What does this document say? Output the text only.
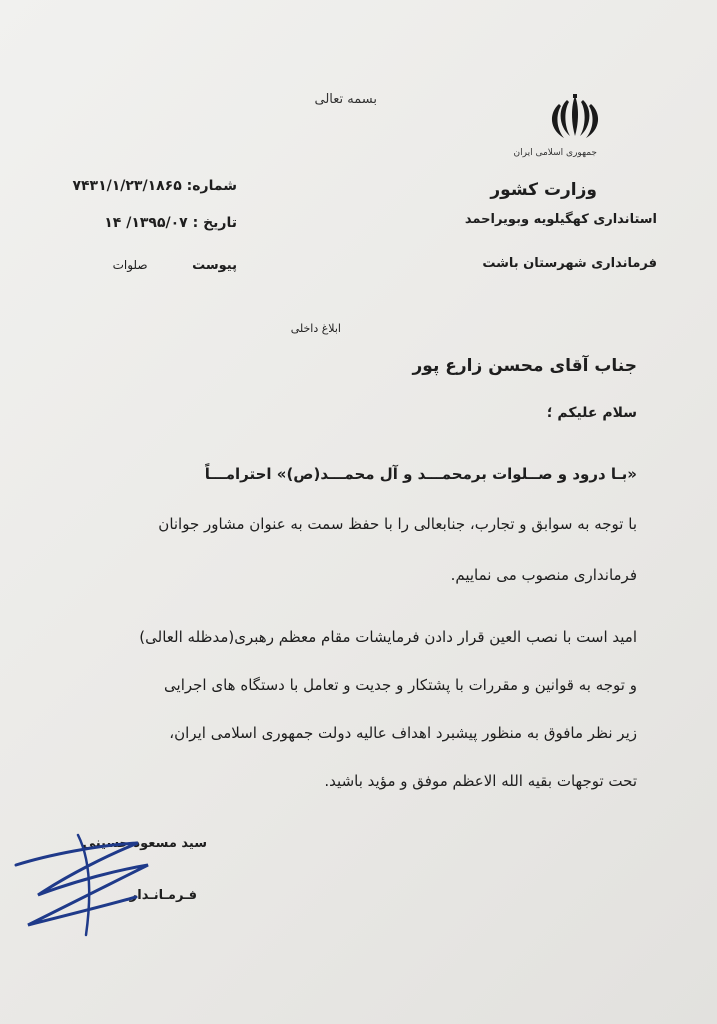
بسمه تعالی
جمهوری اسلامی ایران
وزارت کشور
استانداری کهگیلویه وبویراحمد
فرمانداری شهرستان باشت
شماره: ۷۴۳۱/۱/۲۳/۱۸۶۵
تاریخ : ۱۳۹۵/۰۷/ ۱۴
پیوست صلوات
ابلاغ داخلی
جناب آقای محسن زارع پور
سلام علیکم ؛
«بـا درود و صــلوات برمحمـــد و آل محمـــد(ص)» احترامـــاً
با توجه به سوابق و تجارب، جنابعالی را با حفظ سمت به عنوان مشاور جوانان
فرمانداری منصوب می نماییم.
امید است با نصب العین قرار دادن فرمایشات مقام معظم رهبری(مدظله العالی)
و توجه به قوانین و مقررات با پشتکار و جدیت و تعامل با دستگاه های اجرایی
زیر نظر مافوق به منظور پیشبرد اهداف عالیه دولت جمهوری اسلامی ایران،
تحت توجهات بقیه الله الاعظم موفق و مؤید باشید.
سید مسعود حسینی
فـرمـانـدار
